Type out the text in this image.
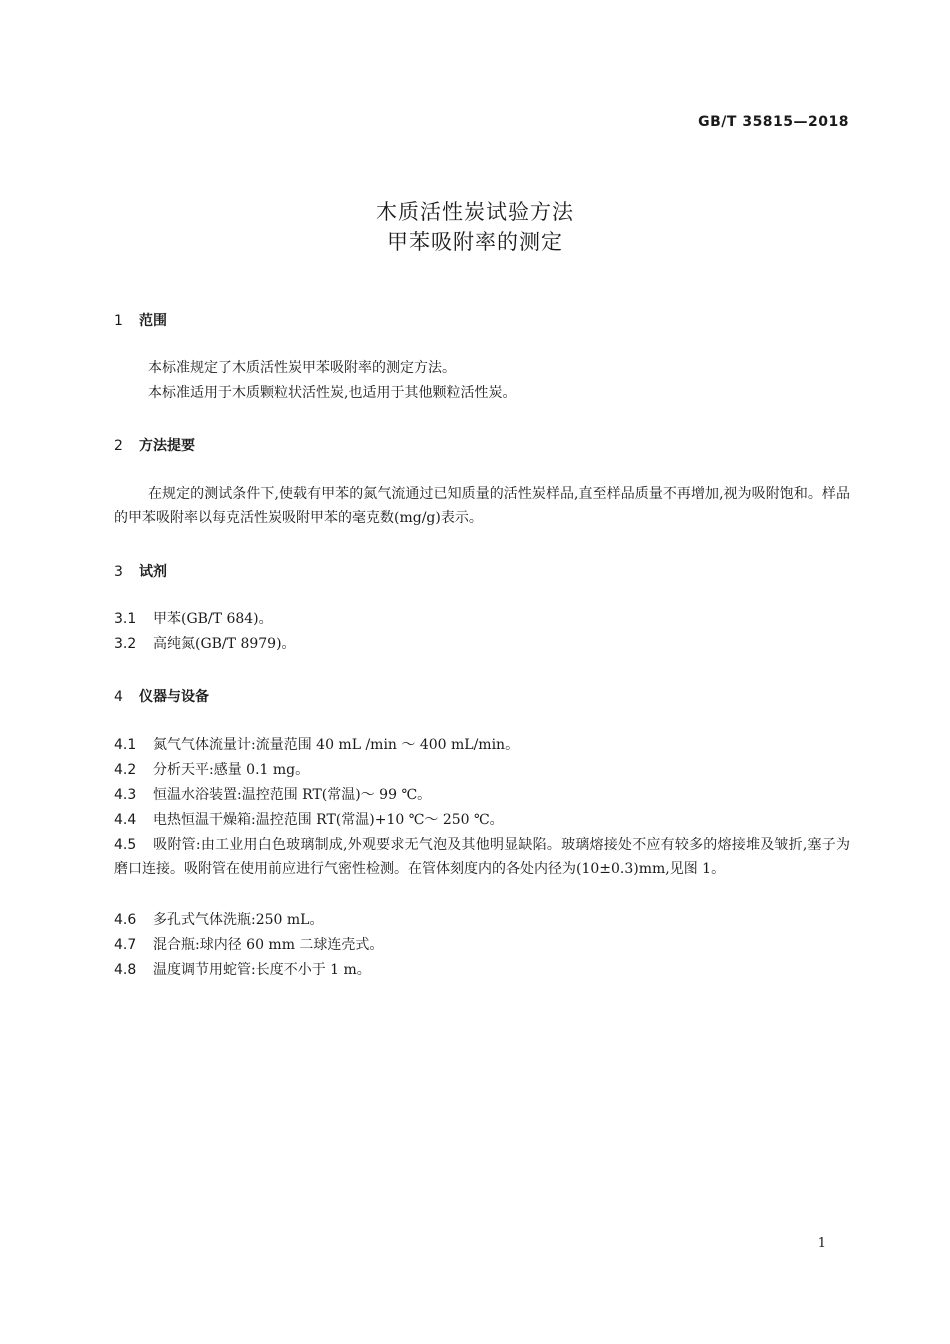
GB/T 35815—2018
木质活性炭试验方法
甲苯吸附率的测定
1 范围
本标准规定了木质活性炭甲苯吸附率的测定方法。
本标准适用于木质颗粒状活性炭,也适用于其他颗粒活性炭。
2 方法提要
在规定的测试条件下,使载有甲苯的氮气流通过已知质量的活性炭样品,直至样品质量不再增加,视为吸附饱和。样品的甲苯吸附率以每克活性炭吸附甲苯的毫克数(mg/g)表示。
3 试剂
3.1 甲苯(GB/T 684)。
3.2 高纯氮(GB/T 8979)。
4 仪器与设备
4.1 氮气气体流量计:流量范围 40 mL /min ～ 400 mL/min。
4.2 分析天平:感量 0.1 mg。
4.3 恒温水浴装置:温控范围 RT(常温)～ 99 ℃。
4.4 电热恒温干燥箱:温控范围 RT(常温)+10 ℃～ 250 ℃。
4.5 吸附管:由工业用白色玻璃制成,外观要求无气泡及其他明显缺陷。玻璃熔接处不应有较多的熔接堆及皱折,塞子为磨口连接。吸附管在使用前应进行气密性检测。在管体刻度内的各处内径为(10±0.3)mm,见图 1。
4.6 多孔式气体洗瓶:250 mL。
4.7 混合瓶:球内径 60 mm 二球连壳式。
4.8 温度调节用蛇管:长度不小于 1 m。
1
